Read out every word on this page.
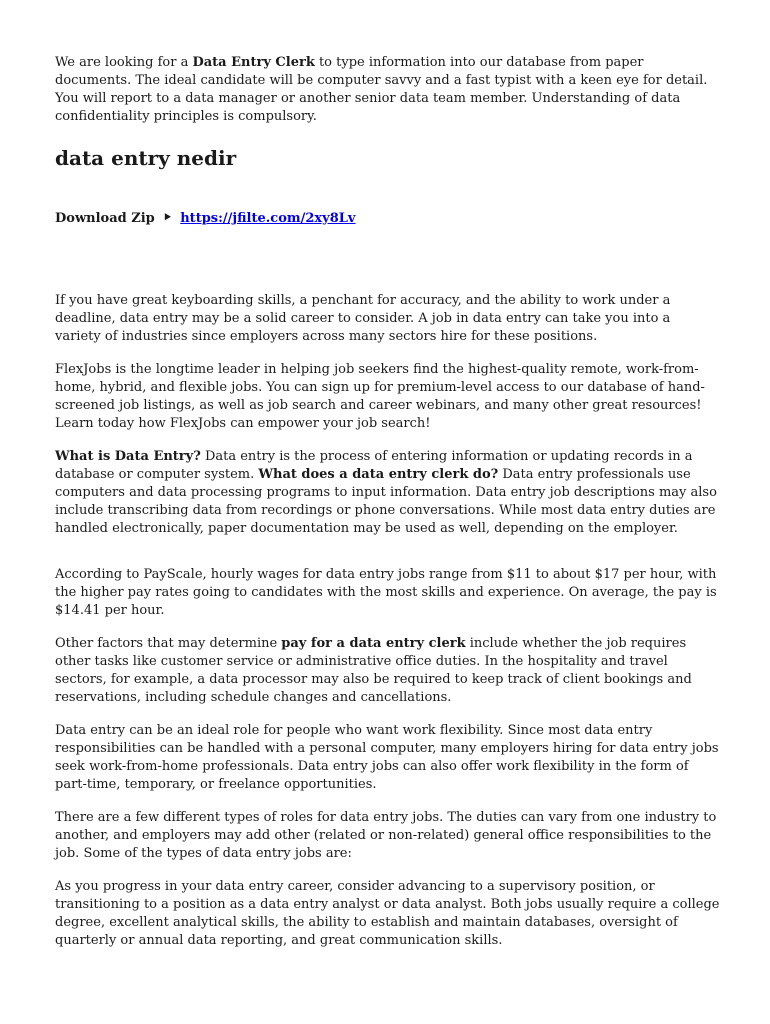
We are looking for a Data Entry Clerk to type information into our database from paper documents. The ideal candidate will be computer savvy and a fast typist with a keen eye for detail. You will report to a data manager or another senior data team member. Understanding of data confidentiality principles is compulsory.

data entry nedir
Download Zip ⯈ https://jfilte.com/2xy8Lv

If you have great keyboarding skills, a penchant for accuracy, and the ability to work under a deadline, data entry may be a solid career to consider. A job in data entry can take you into a variety of industries since employers across many sectors hire for these positions.

FlexJobs is the longtime leader in helping job seekers find the highest-quality remote, work-from-home, hybrid, and flexible jobs. You can sign up for premium-level access to our database of hand-screened job listings, as well as job search and career webinars, and many other great resources! Learn today how FlexJobs can empower your job search!

What is Data Entry? Data entry is the process of entering information or updating records in a database or computer system. What does a data entry clerk do? Data entry professionals use computers and data processing programs to input information. Data entry job descriptions may also include transcribing data from recordings or phone conversations. While most data entry duties are handled electronically, paper documentation may be used as well, depending on the employer.

According to PayScale, hourly wages for data entry jobs range from $11 to about $17 per hour, with the higher pay rates going to candidates with the most skills and experience. On average, the pay is $14.41 per hour.

Other factors that may determine pay for a data entry clerk include whether the job requires other tasks like customer service or administrative office duties. In the hospitality and travel sectors, for example, a data processor may also be required to keep track of client bookings and reservations, including schedule changes and cancellations.

Data entry can be an ideal role for people who want work flexibility. Since most data entry responsibilities can be handled with a personal computer, many employers hiring for data entry jobs seek work-from-home professionals. Data entry jobs can also offer work flexibility in the form of part-time, temporary, or freelance opportunities.

There are a few different types of roles for data entry jobs. The duties can vary from one industry to another, and employers may add other (related or non-related) general office responsibilities to the job. Some of the types of data entry jobs are:

As you progress in your data entry career, consider advancing to a supervisory position, or transitioning to a position as a data entry analyst or data analyst. Both jobs usually require a college degree, excellent analytical skills, the ability to establish and maintain databases, oversight of quarterly or annual data reporting, and great communication skills.
